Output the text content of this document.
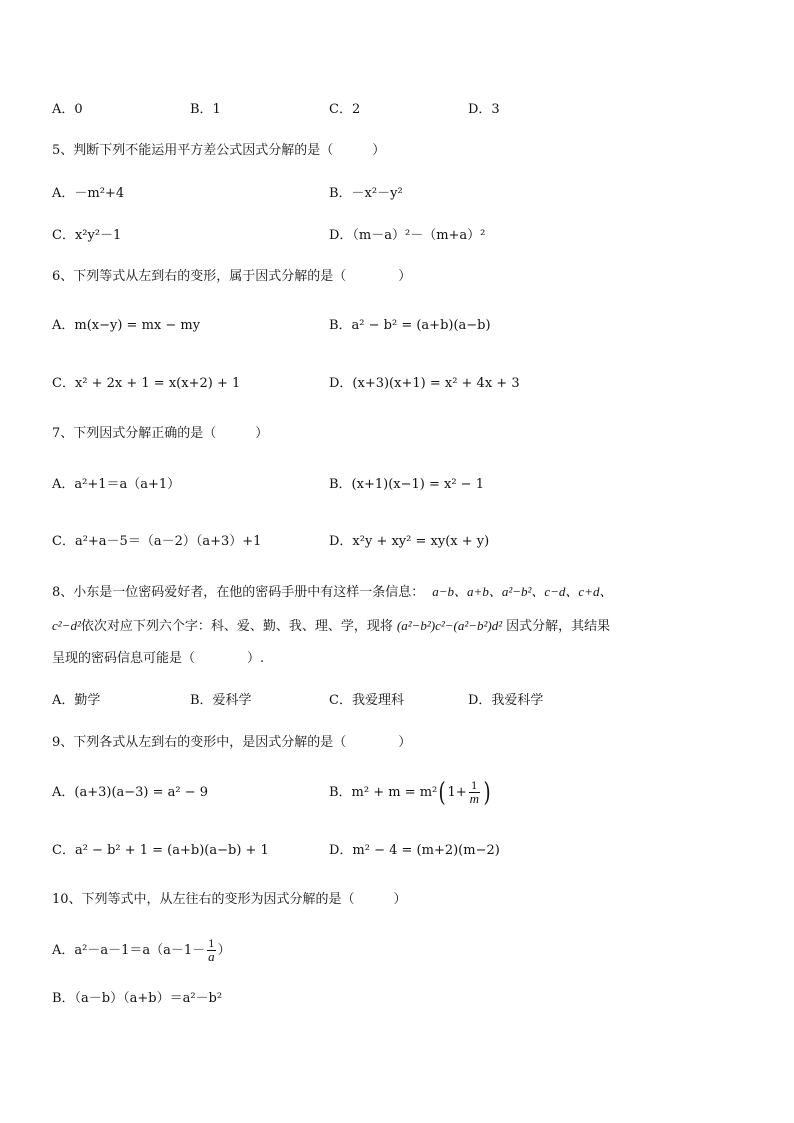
A．0	B．1	C．2	D．3
5、判断下列不能运用平方差公式因式分解的是（　　　）
A．－m²+4	B．－x²－y²
C．x²y²－1	D．（m－a）²－（m+a）²
6、下列等式从左到右的变形，属于因式分解的是（　　　　）
A．m(x−y) = mx − my	B．a² − b² = (a+b)(a−b)
C．x² + 2x + 1 = x(x+2) + 1	D．(x+3)(x+1) = x² + 4x + 3
7、下列因式分解正确的是（　　　）
A．a²+1＝a（a+1）	B．(x+1)(x−1) = x² − 1
C．a²+a－5＝（a－2）（a+3）+1	D．x²y + xy² = xy(x + y)
8、小东是一位密码爱好者，在他的密码手册中有这样一条信息： a−b、a+b、a²−b²、c−d、c+d、
c²−d²依次对应下列六个字：科、爱、勤、我、理、学，现将 (a²−b²)c²−(a²−b²)d² 因式分解，其结果
呈现的密码信息可能是（　　　　）.
A．勤学	B．爱科学	C．我爱理科	D．我爱科学
9、下列各式从左到右的变形中，是因式分解的是（　　　　）
A．(a+3)(a−3) = a² − 9	B．m² + m = m²( $1+ \frac{1}{m}$ )
C．a² − b² + 1 = (a+b)(a−b) + 1	D．m² − 4 = (m+2)(m−2)
10、下列等式中，从左往右的变形为因式分解的是（　　　）
A．$a^2-a-1=a(a-1- \frac{1}{a}$ ）
B．（a－b）（a+b）＝a²－b²
